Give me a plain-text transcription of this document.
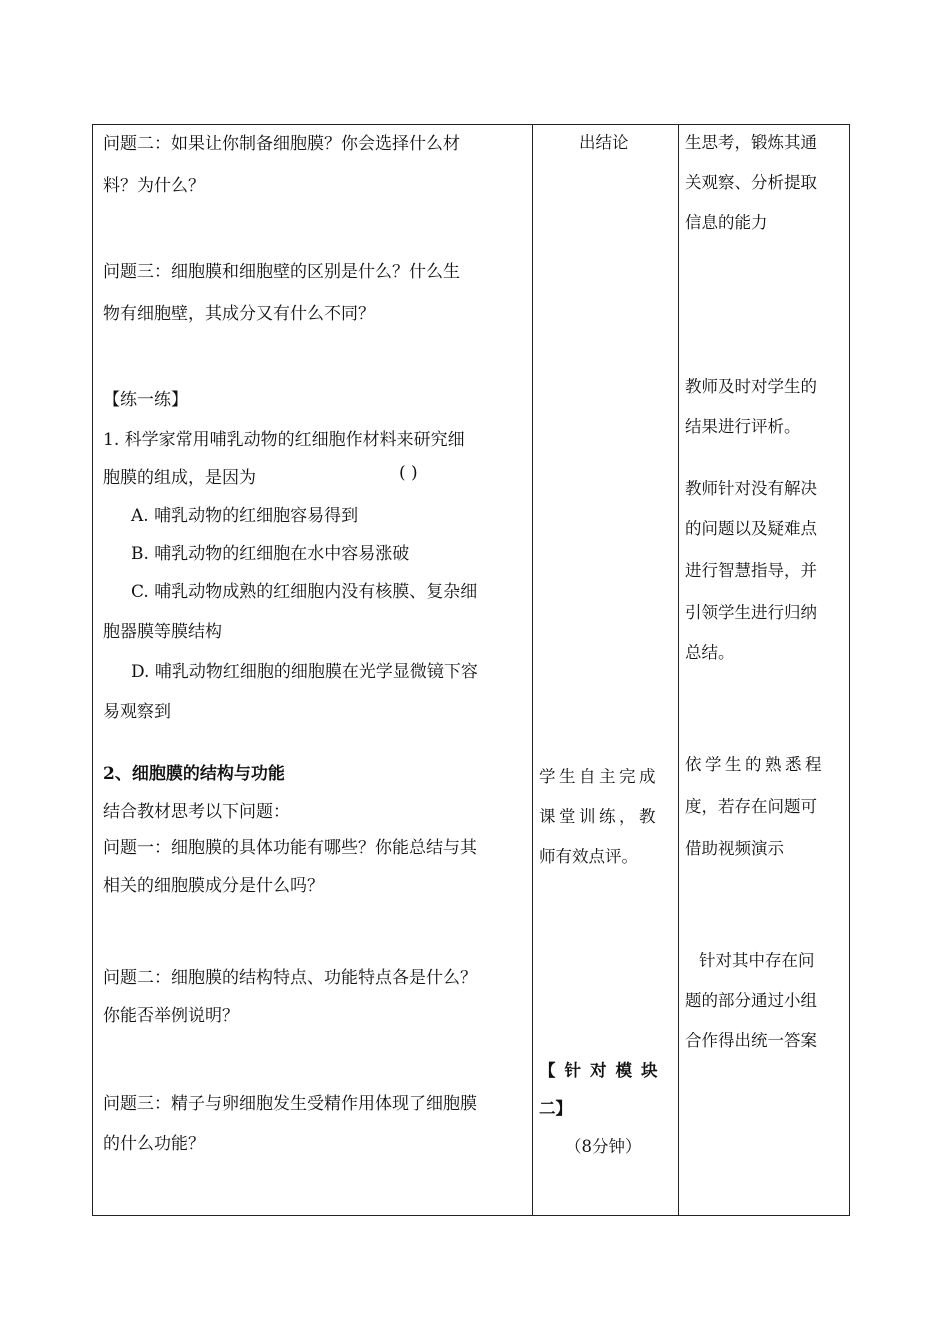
问题二：如果让你制备细胞膜？你会选择什么材
料？为什么？
问题三：细胞膜和细胞壁的区别是什么？什么生
物有细胞壁，其成分又有什么不同？
【练一练】
1. 科学家常用哺乳动物的红细胞作材料来研究细
胞膜的组成，是因为	( )
A. 哺乳动物的红细胞容易得到
B. 哺乳动物的红细胞在水中容易涨破
C. 哺乳动物成熟的红细胞内没有核膜、复杂细
胞器膜等膜结构
D. 哺乳动物红细胞的细胞膜在光学显微镜下容
易观察到
2、细胞膜的结构与功能
结合教材思考以下问题：
问题一：细胞膜的具体功能有哪些？你能总结与其
相关的细胞膜成分是什么吗？
问题二：细胞膜的结构特点、功能特点各是什么？
你能否举例说明？
问题三：精子与卵细胞发生受精作用体现了细胞膜
的什么功能？
出结论
学生自主完成
课堂训练，教
师有效点评。
【针对模块
二】
（8分钟）
生思考，锻炼其通
关观察、分析提取
信息的能力
教师及时对学生的
结果进行评析。
教师针对没有解决
的问题以及疑难点
进行智慧指导，并
引领学生进行归纳
总结。
依学生的熟悉程
度，若存在问题可
借助视频演示
针对其中存在问
题的部分通过小组
合作得出统一答案
